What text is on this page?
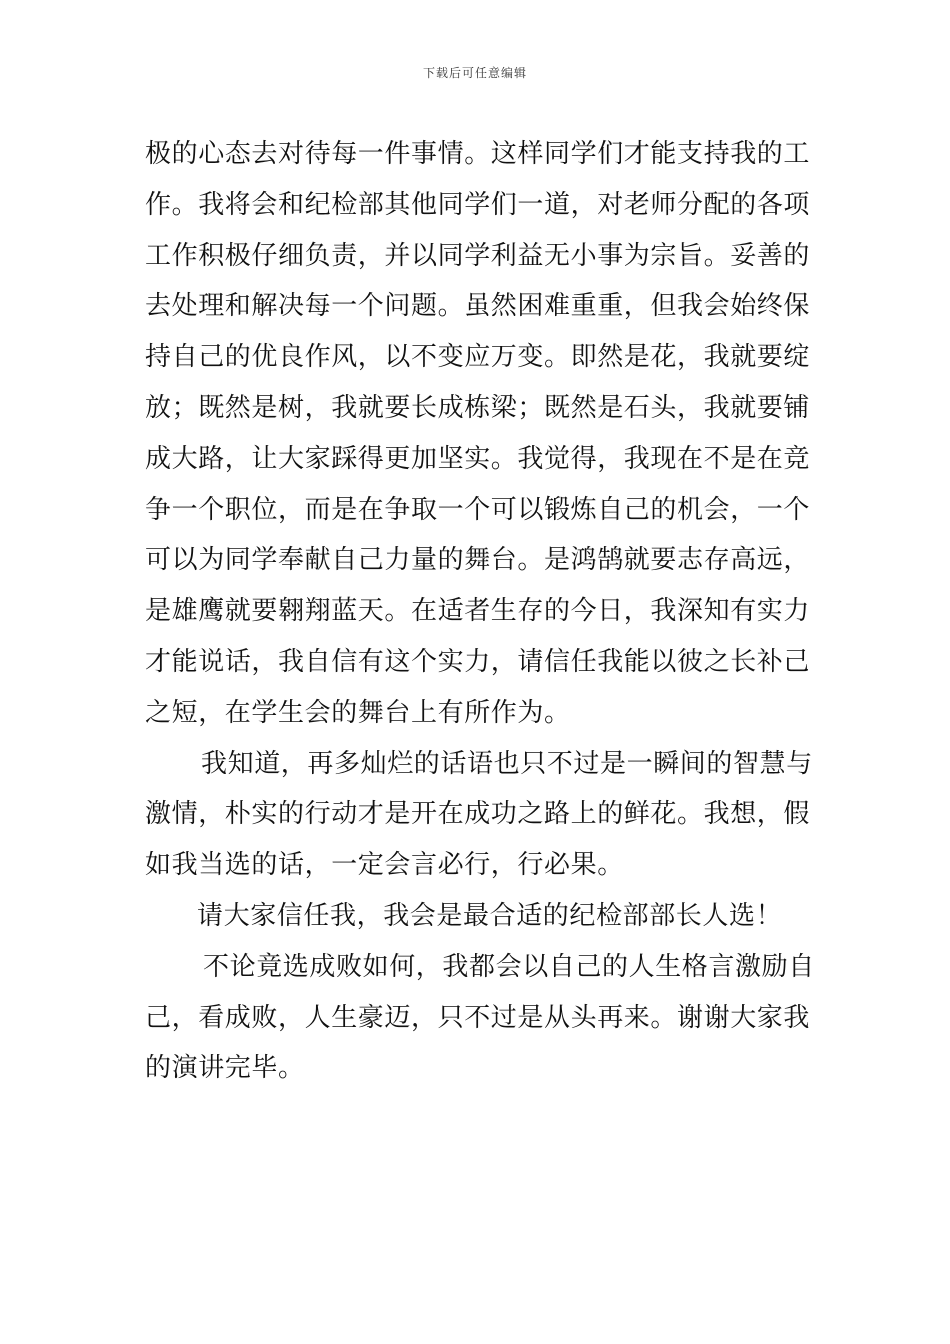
下载后可任意编辑
极的心态去对待每一件事情。这样同学们才能支持我的工
作。我将会和纪检部其他同学们一道，对老师分配的各项
工作积极仔细负责，并以同学利益无小事为宗旨。妥善的
去处理和解决每一个问题。虽然困难重重，但我会始终保
持自己的优良作风，以不变应万变。即然是花，我就要绽
放；既然是树，我就要长成栋梁；既然是石头，我就要铺
成大路，让大家踩得更加坚实。我觉得，我现在不是在竞
争一个职位，而是在争取一个可以锻炼自己的机会，一个
可以为同学奉献自己力量的舞台。是鸿鹄就要志存高远，
是雄鹰就要翱翔蓝天。在适者生存的今日，我深知有实力
才能说话，我自信有这个实力，请信任我能以彼之长补己
之短，在学生会的舞台上有所作为。
我知道，再多灿烂的话语也只不过是一瞬间的智慧与
激情，朴实的行动才是开在成功之路上的鲜花。我想，假
如我当选的话，一定会言必行，行必果。
请大家信任我，我会是最合适的纪检部部长人选！
不论竟选成败如何，我都会以自己的人生格言激励自
己，看成败，人生豪迈，只不过是从头再来。谢谢大家我
的演讲完毕。
